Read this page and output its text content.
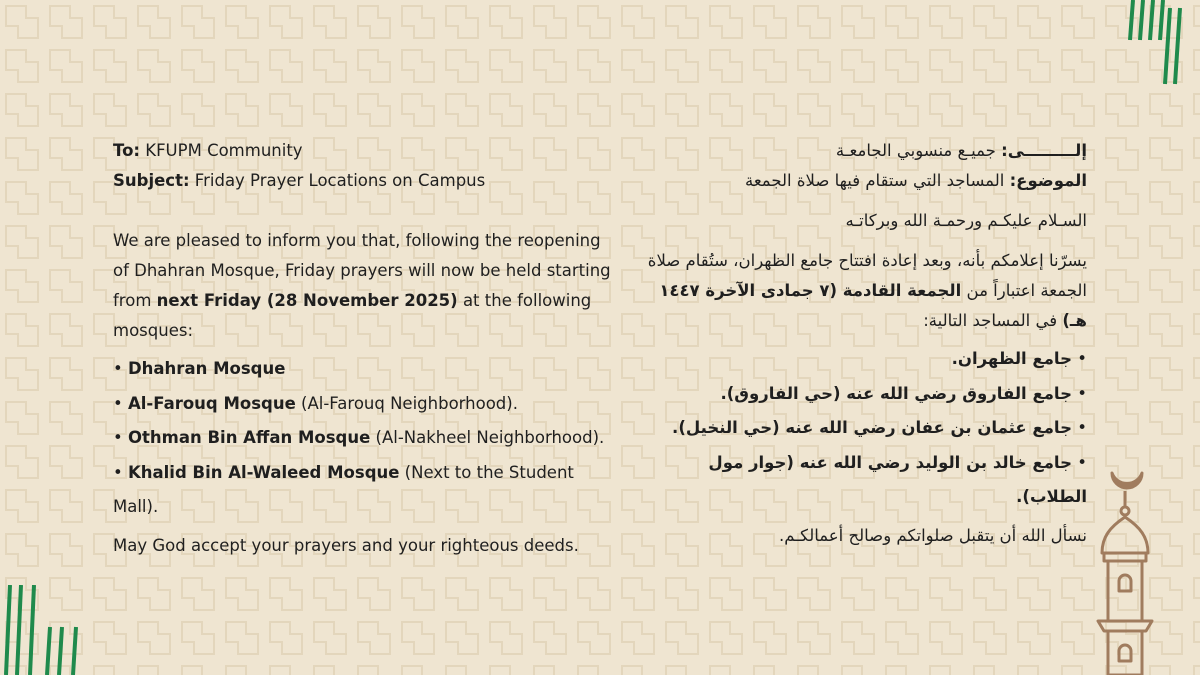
To: KFUPM Community

Subject: Friday Prayer Locations on Campus

We are pleased to inform you that, following the reopening of Dhahran Mosque, Friday prayers will now be held starting from next Friday (28 November 2025) at the following mosques:

• Dhahran Mosque
• Al-Farouq Mosque (Al-Farouq Neighborhood).
• Othman Bin Affan Mosque (Al-Nakheel Neighborhood).
• Khalid Bin Al-Waleed Mosque (Next to the Student Mall).

May God accept your prayers and your righteous deeds.

إلـــــــــى: جميـع منسوبي الجامعـة

الموضوع: المساجد التي ستقام فيها صلاة الجمعة

السـلام عليكـم ورحمـة الله وبركاتـه

يسرّنا إعلامكم بأنه، وبعد إعادة افتتاح جامع الظهران، ستُقام صلاة الجمعة اعتباراً من الجمعة القادمة (٧ جمادى الآخرة ١٤٤٧ هـ) في المساجد التالية:

• جامع الظهران.
• جامع الفاروق رضي الله عنه (حي الفاروق).
• جامع عثمان بن عفان رضي الله عنه (حي النخيل).
• جامع خالد بن الوليد رضي الله عنه (جوار مول الطلاب).

نسأل الله أن يتقبل صلواتكم وصالح أعمالكـم.
